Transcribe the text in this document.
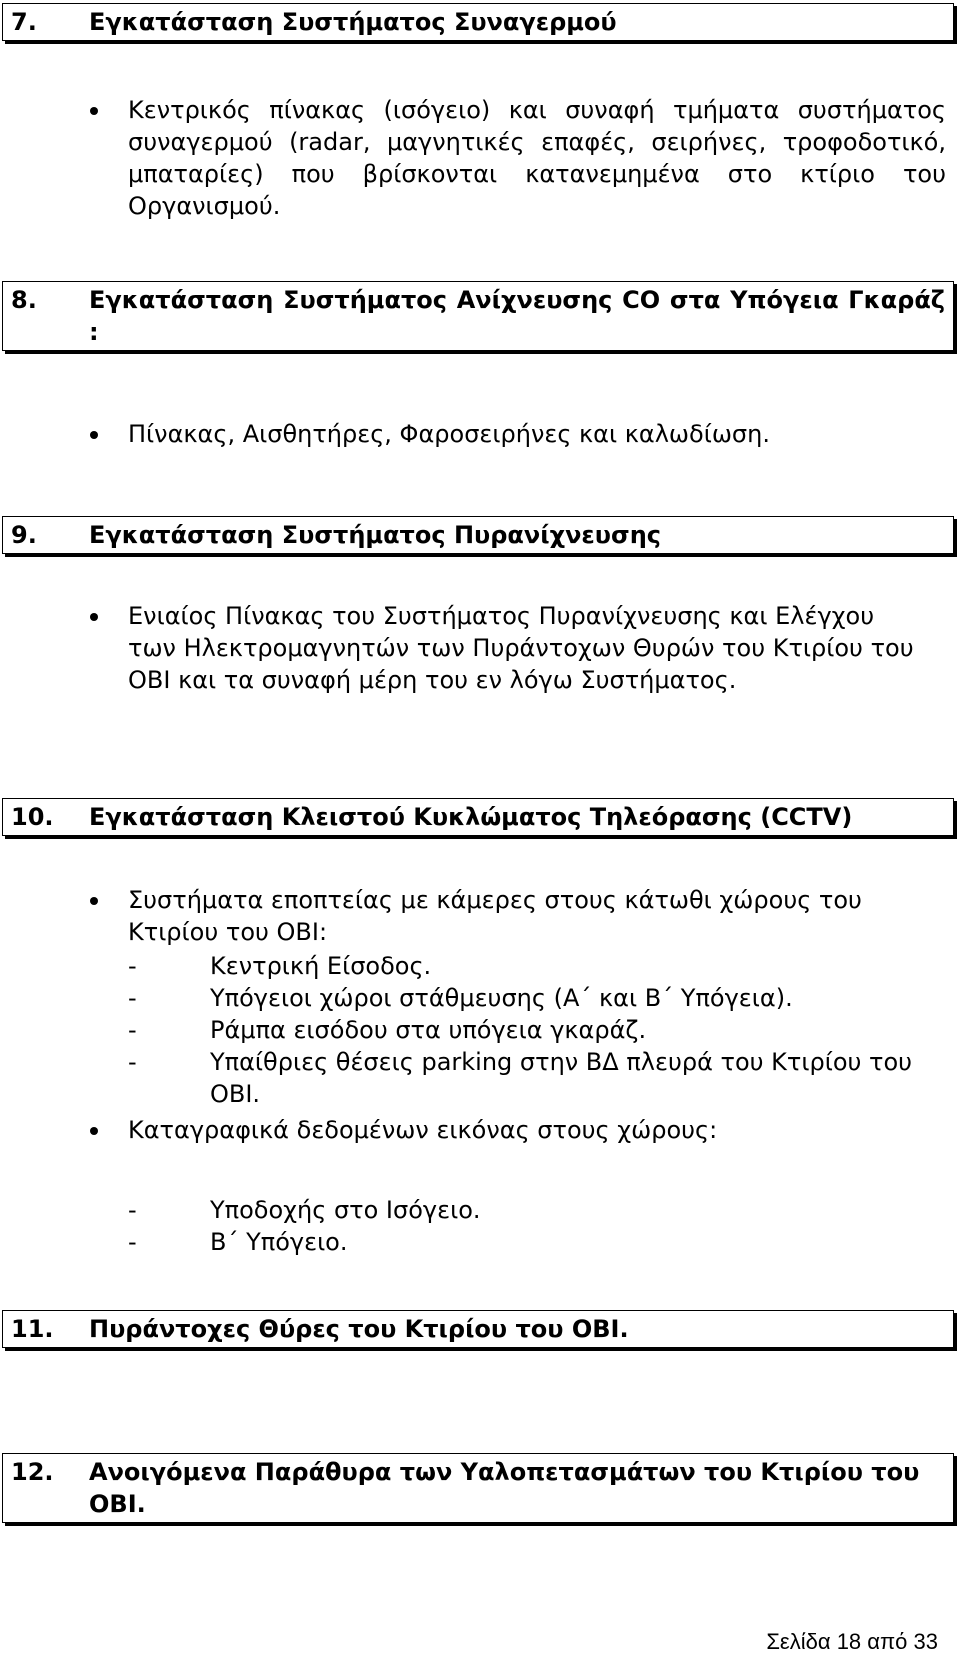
7. Εγκατάσταση Συστήματος Συναγερμού
Κεντρικός πίνακας (ισόγειο) και συναφή τμήματα συστήματος συναγερμού (radar, μαγνητικές επαφές, σειρήνες, τροφοδοτικό, μπαταρίες) που βρίσκονται κατανεμημένα στο κτίριο του Οργανισμού.
8. Εγκατάσταση Συστήματος Ανίχνευσης CO στα Υπόγεια Γκαράζ :
Πίνακας, Αισθητήρες, Φαροσειρήνες και καλωδίωση.
9. Εγκατάσταση Συστήματος Πυρανίχνευσης
Ενιαίος Πίνακας του Συστήματος Πυρανίχνευσης και Ελέγχου των Ηλεκτρομαγνητών των Πυράντοχων Θυρών του Κτιρίου του ΟΒΙ και τα συναφή μέρη του εν λόγω Συστήματος.
10. Εγκατάσταση Κλειστού Κυκλώματος Τηλεόρασης (CCTV)
Συστήματα εποπτείας με κάμερες στους κάτωθι χώρους του Κτιρίου του ΟΒΙ:
-	Κεντρική Είσοδος.
-	Υπόγειοι χώροι στάθμευσης (Α΄ και Β΄ Υπόγεια).
-	Ράμπα εισόδου στα υπόγεια γκαράζ.
-	Υπαίθριες θέσεις parking στην ΒΔ πλευρά του Κτιρίου του ΟΒΙ.
Καταγραφικά δεδομένων εικόνας στους χώρους:
-	Υποδοχής στο Ισόγειο.
-	Β΄ Υπόγειο.
11. Πυράντοχες Θύρες του Κτιρίου του ΟΒΙ.
12. Ανοιγόμενα Παράθυρα των Υαλοπετασμάτων του Κτιρίου του ΟΒΙ.
Σελίδα 18 από 33
